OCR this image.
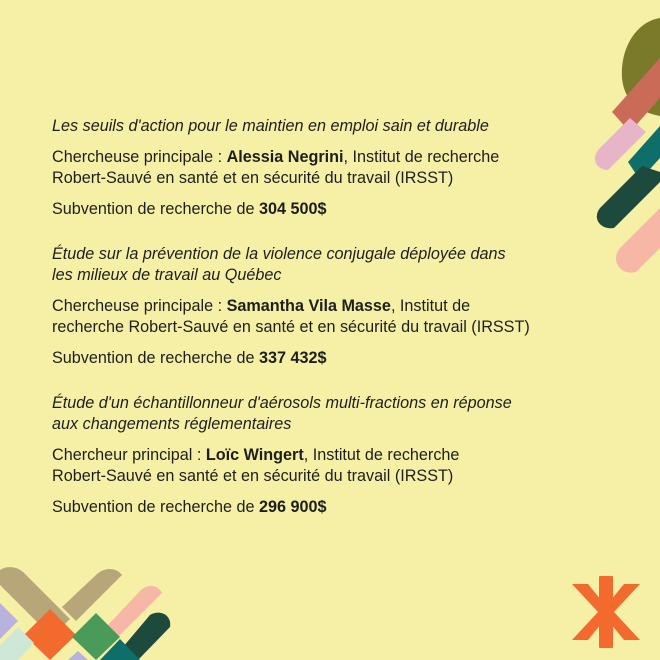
Les seuils d'action pour le maintien en emploi sain et durable

Chercheuse principale : Alessia Negrini, Institut de recherche
Robert-Sauvé en santé et en sécurité du travail (IRSST)

Subvention de recherche de 304 500$

Étude sur la prévention de la violence conjugale déployée dans
les milieux de travail au Québec

Chercheuse principale : Samantha Vila Masse, Institut de
recherche Robert-Sauvé en santé et en sécurité du travail (IRSST)

Subvention de recherche de 337 432$

Étude d'un échantillonneur d'aérosols multi-fractions en réponse
aux changements réglementaires

Chercheur principal : Loïc Wingert, Institut de recherche
Robert-Sauvé en santé et en sécurité du travail (IRSST)

Subvention de recherche de 296 900$
